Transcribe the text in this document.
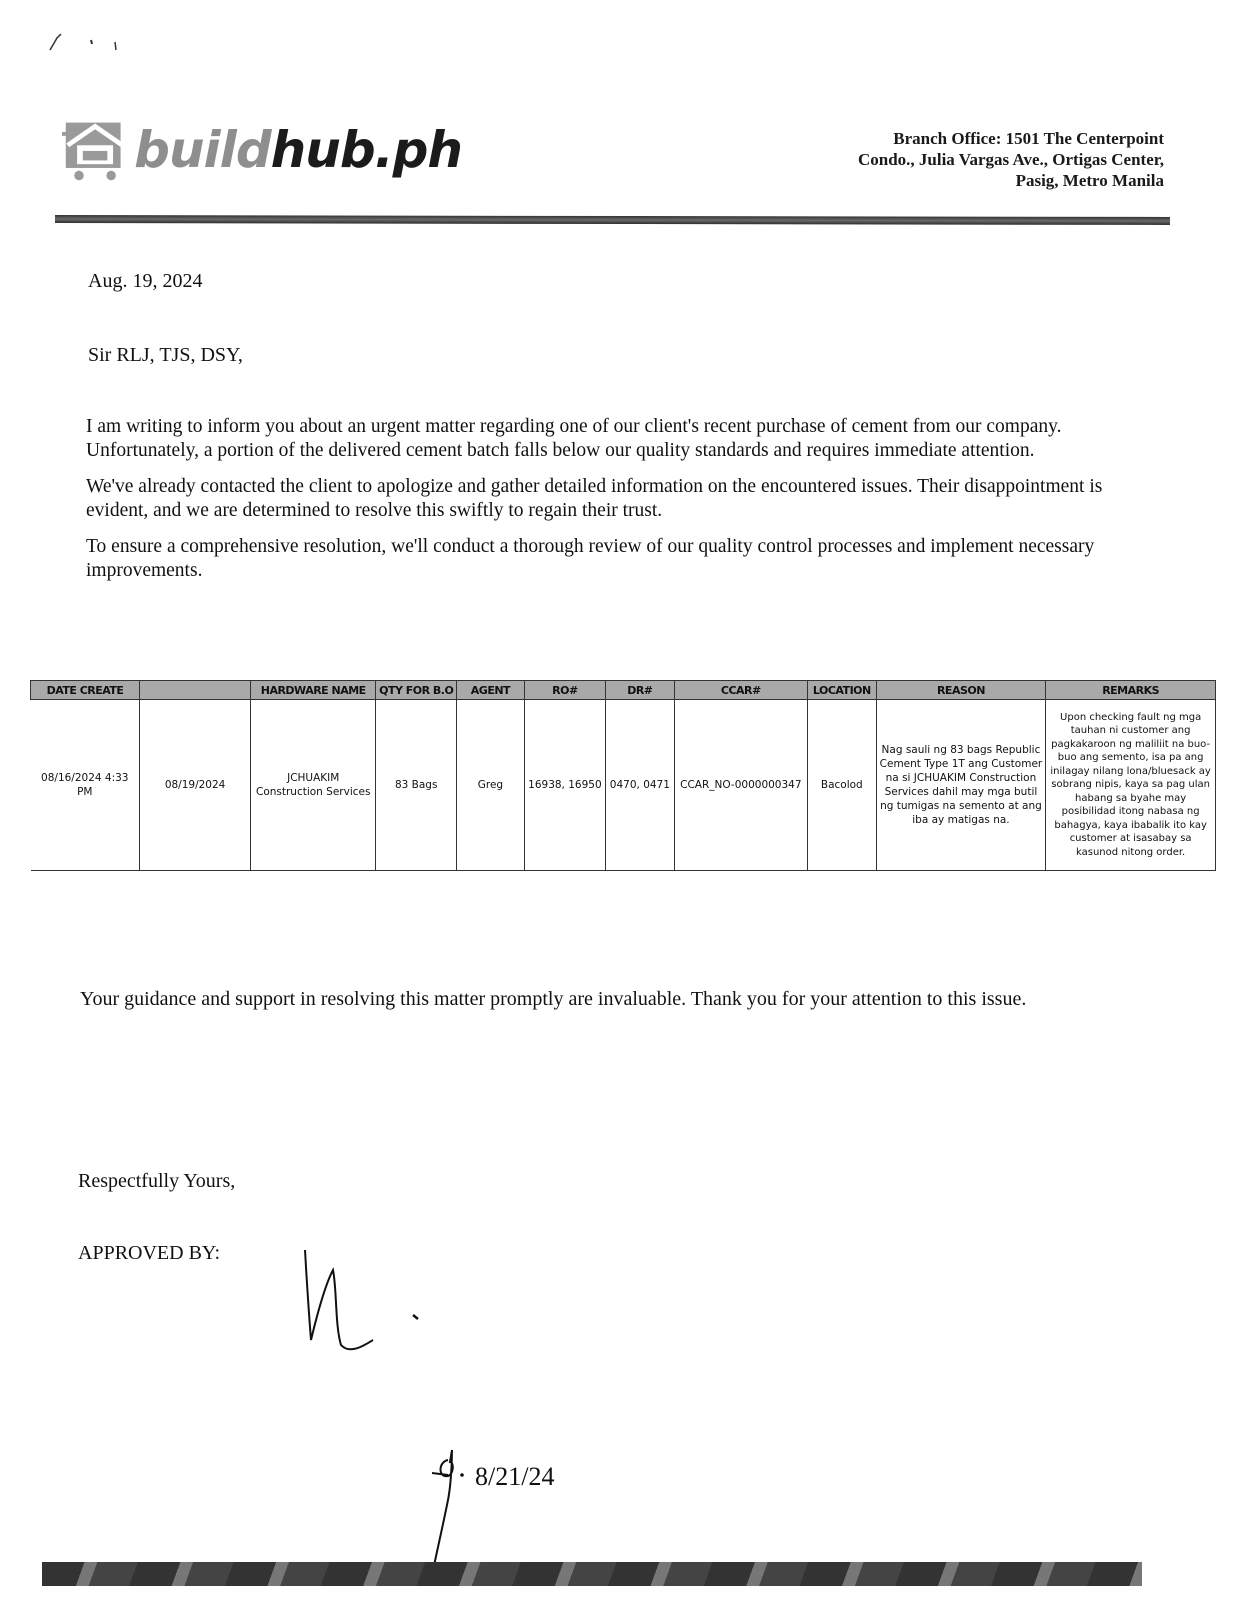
buildhub.ph	Branch Office: 1501 The Centerpoint
Condo., Julia Vargas Ave., Ortigas Center,
Pasig, Metro Manila
Aug. 19, 2024
Sir RLJ, TJS, DSY,

I am writing to inform you about an urgent matter regarding one of our client's recent purchase of cement from our company. Unfortunately, a portion of the delivered cement batch falls below our quality standards and requires immediate attention.

We've already contacted the client to apologize and gather detailed information on the encountered issues. Their disappointment is evident, and we are determined to resolve this swiftly to regain their trust.

To ensure a comprehensive resolution, we'll conduct a thorough review of our quality control processes and implement necessary improvements.

DATE CREATE		HARDWARE NAME	QTY FOR B.O	AGENT	RO#	DR#	CCAR#	LOCATION	REASON	REMARKS
08/16/2024 4:33 PM	08/19/2024	JCHUAKIM Construction Services	83 Bags	Greg	16938, 16950	0470, 0471	CCAR_NO-0000000347	Bacolod	Nag sauli ng 83 bags Republic Cement Type 1T ang Customer na si JCHUAKIM Construction Services dahil may mga butil ng tumigas na semento at ang iba ay matigas na.	Upon checking fault ng mga tauhan ni customer ang pagkakaroon ng maliliit na buo-buo ang semento, isa pa ang inilagay nilang lona/bluesack ay sobrang nipis, kaya sa pag ulan habang sa byahe may posibilidad itong nabasa ng bahagya, kaya ibabalik ito kay customer at isasabay sa kasunod nitong order.
Your guidance and support in resolving this matter promptly are invaluable. Thank you for your attention to this issue.
Respectfully Yours,
APPROVED BY:
8/21/24
